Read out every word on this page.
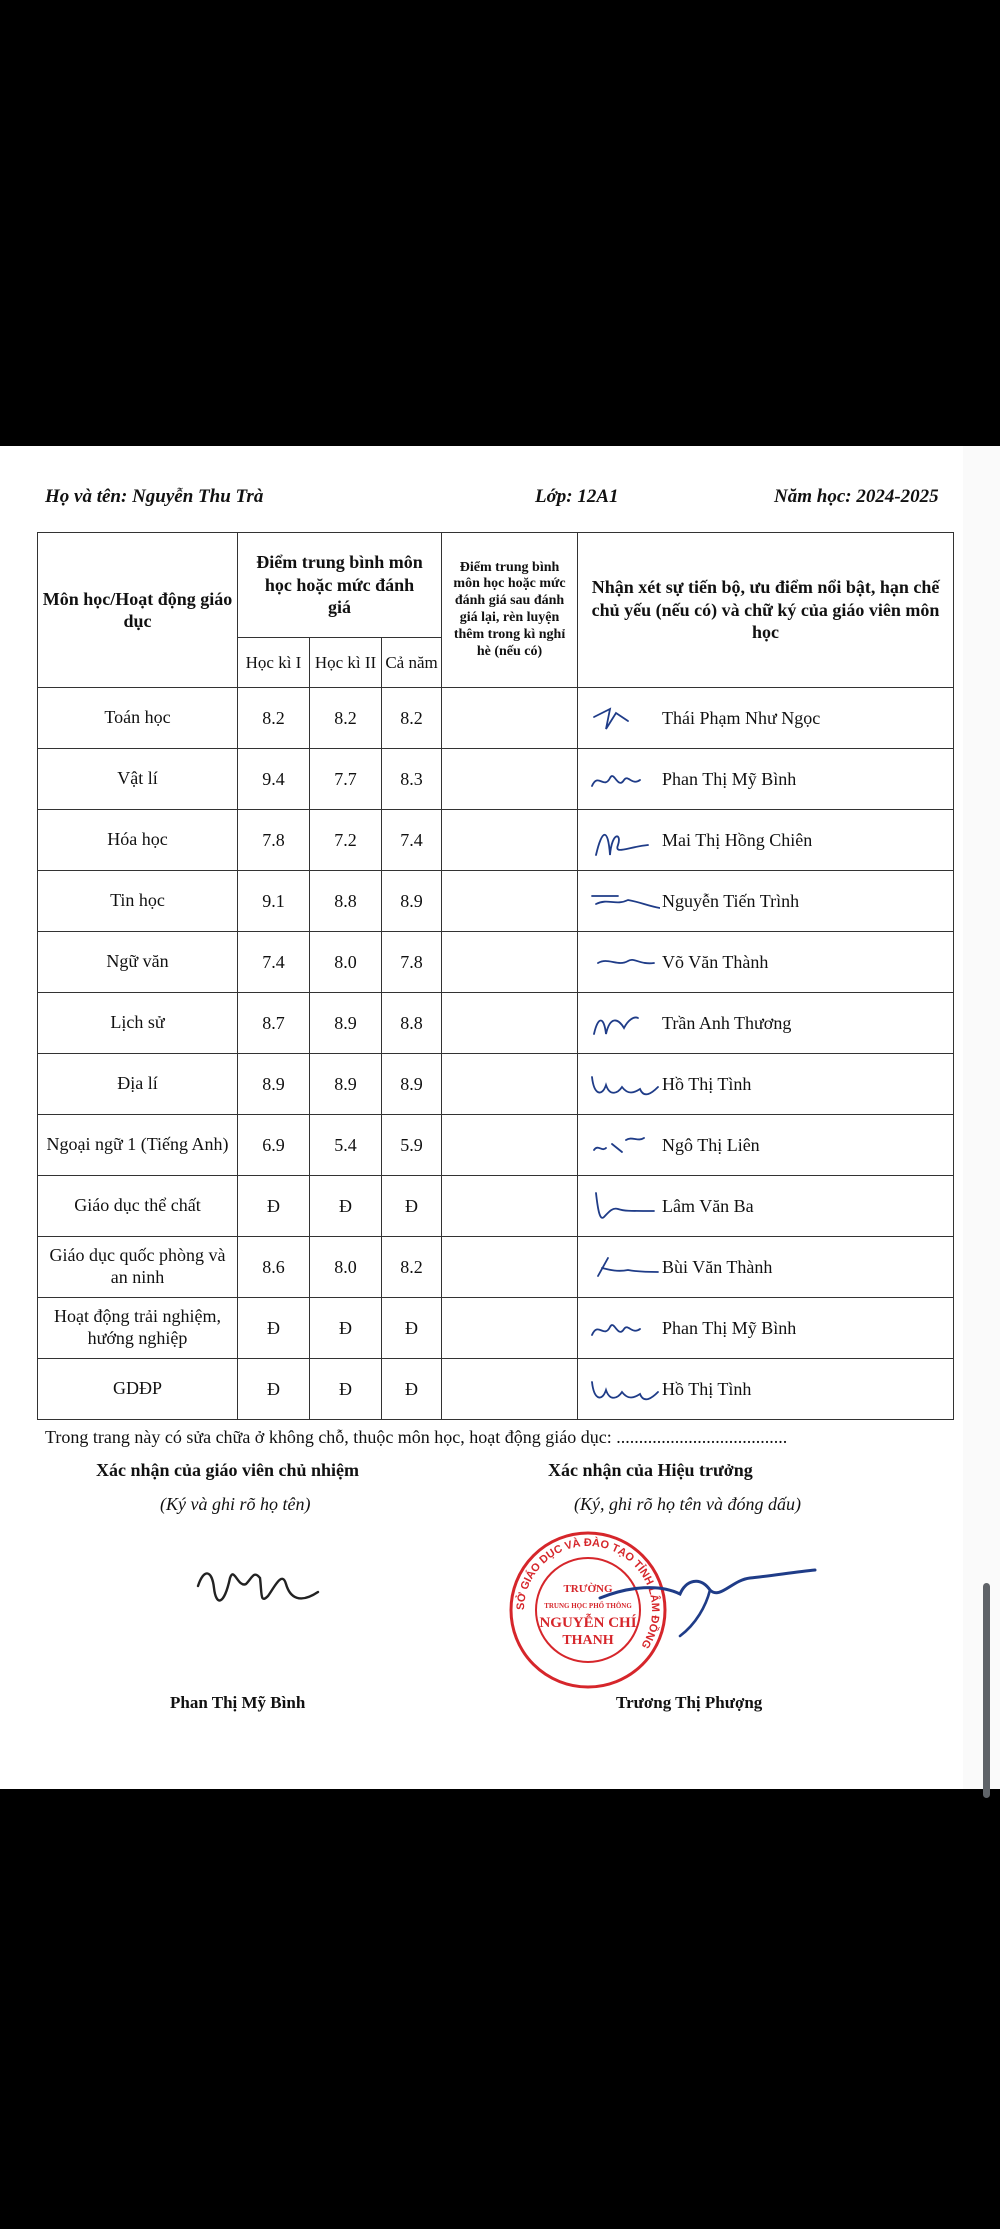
Họ và tên: Nguyễn Thu Trà	Lớp: 12A1	Năm học: 2024-2025
Môn học/Hoạt động giáo dục	Điểm trung bình môn học hoặc mức đánh giá			Điểm trung bình môn học hoặc mức đánh giá sau đánh giá lại, rèn luyện thêm trong kì nghỉ hè (nếu có)	Nhận xét sự tiến bộ, ưu điểm nổi bật, hạn chế chủ yếu (nếu có) và chữ ký của giáo viên môn học
	Học kì I	Học kì II	Cả năm		
Toán học	8.2	8.2	8.2		Thái Phạm Như Ngọc
Vật lí	9.4	7.7	8.3		Phan Thị Mỹ Bình
Hóa học	7.8	7.2	7.4		Mai Thị Hồng Chiên
Tin học	9.1	8.8	8.9		Nguyễn Tiến Trình
Ngữ văn	7.4	8.0	7.8		Võ Văn Thành
Lịch sử	8.7	8.9	8.8		Trần Anh Thương
Địa lí	8.9	8.9	8.9		Hồ Thị Tình
Ngoại ngữ 1 (Tiếng Anh)	6.9	5.4	5.9		Ngô Thị Liên
Giáo dục thể chất	Đ	Đ	Đ		Lâm Văn Ba
Giáo dục quốc phòng và an ninh	8.6	8.0	8.2		Bùi Văn Thành
Hoạt động trải nghiệm, hướng nghiệp	Đ	Đ	Đ		Phan Thị Mỹ Bình
GDĐP	Đ	Đ	Đ		Hồ Thị Tình
Trong trang này có sửa chữa ở không chỗ, thuộc môn học, hoạt động giáo dục: ......................................
Xác nhận của giáo viên chủ nhiệm
(Ký và ghi rõ họ tên)
Xác nhận của Hiệu trưởng
(Ký, ghi rõ họ tên và đóng dấu)
SỞ GIÁO DỤC VÀ ĐÀO TẠO TỈNH LÂM ĐỒNG
TRƯỜNG
TRUNG HỌC PHỔ THÔNG
NGUYỄN CHÍ
THANH
Phan Thị Mỹ Bình	Trương Thị Phượng
